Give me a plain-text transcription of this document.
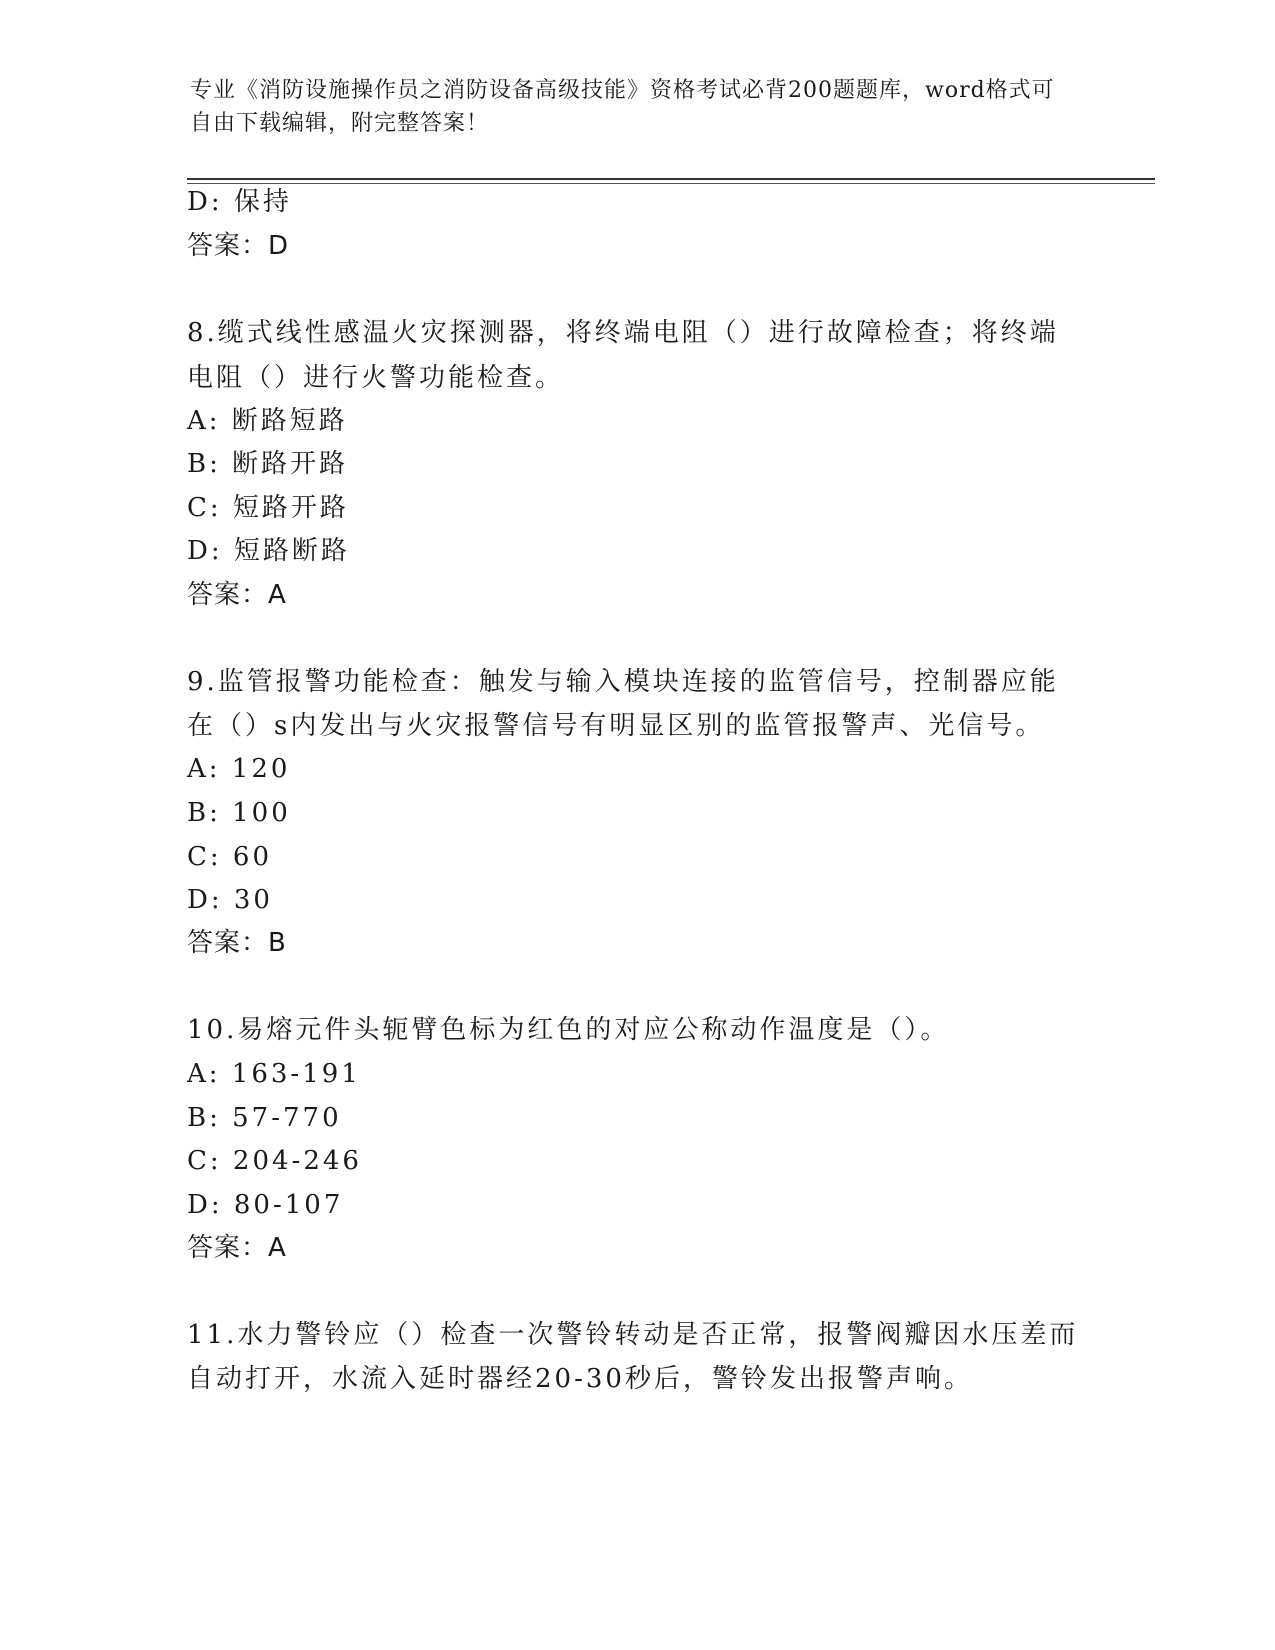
专业《消防设施操作员之消防设备高级技能》资格考试必背200题题库，word格式可自由下载编辑，附完整答案！
D: 保持
答案：D
8.缆式线性感温火灾探测器，将终端电阻（）进行故障检查；将终端
电阻（）进行火警功能检查。
A: 断路短路
B: 断路开路
C: 短路开路
D: 短路断路
答案：A
9.监管报警功能检查：触发与输入模块连接的监管信号，控制器应能
在（）s内发出与火灾报警信号有明显区别的监管报警声、光信号。
A: 120
B: 100
C: 60
D: 30
答案：B
10.易熔元件头轭臂色标为红色的对应公称动作温度是（）。
A: 163-191
B: 57-770
C: 204-246
D: 80-107
答案：A
11.水力警铃应（）检查一次警铃转动是否正常，报警阀瓣因水压差而
自动打开，水流入延时器经20-30秒后，警铃发出报警声响。
